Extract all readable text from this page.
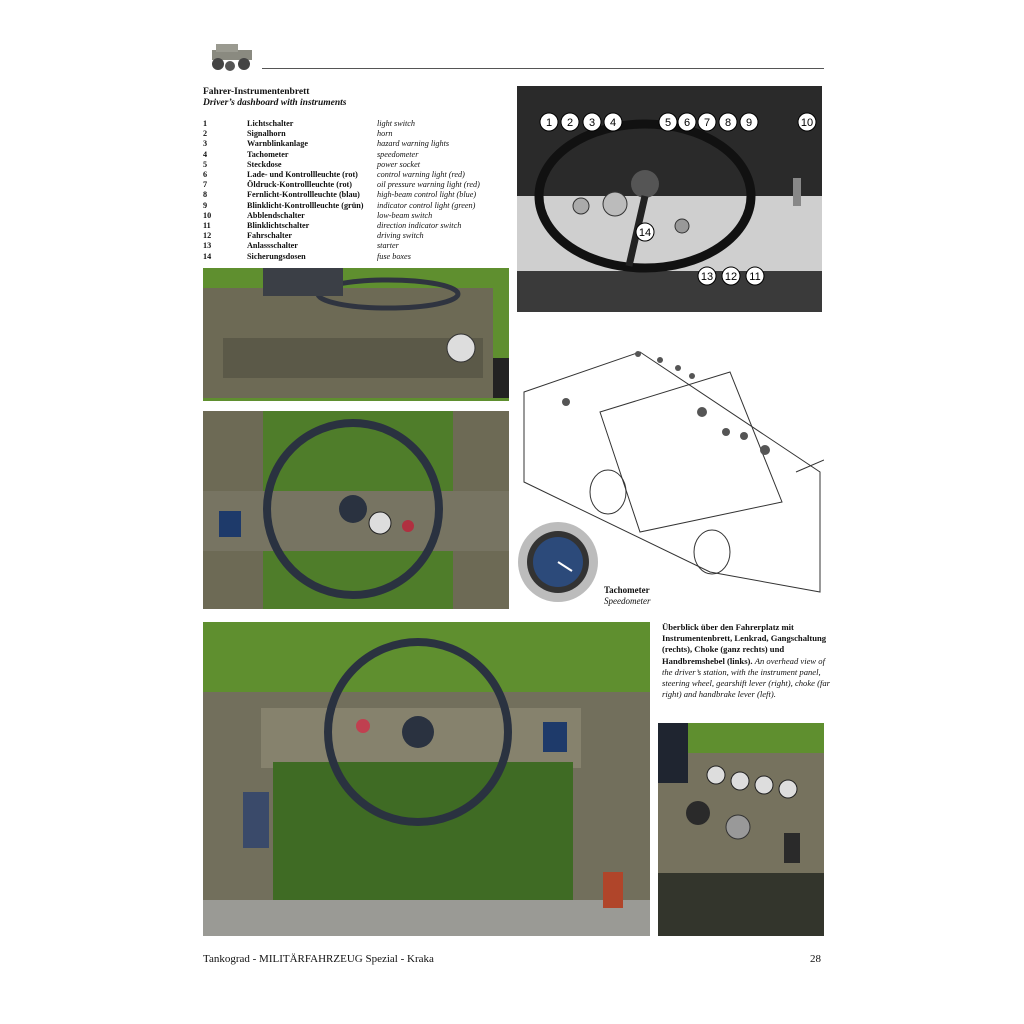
Fahrer-Instrumentenbrett
Driver’s dashboard with instruments
1	Lichtschalter	light switch
2	Signalhorn	horn
3	Warnblinkanlage	hazard warning lights
4	Tachometer	speedometer
5	Steckdose	power socket
6	Lade- und Kontrollleuchte (rot)	control warning light (red)
7	Öldruck-Kontrollleuchte (rot)	oil pressure warning light (red)
8	Fernlicht-Kontrollleuchte (blau)	high-beam control light (blue)
9	Blinklicht-Kontrollleuchte (grün)	indicator control light (green)
10	Abblendschalter	low-beam switch
11	Blinklichtschalter	direction indicator switch
12	Fahrschalter	driving switch
13	Anlassschalter	starter
14	Sicherungsdosen	fuse boxes
1 2 3 4	5 6 7 8 9	10
14
13 12 11
Tachometer
Speedometer
Überblick über den Fahrerplatz mit Instrumentenbrett, Lenkrad, Gangschaltung (rechts), Choke (ganz rechts) und Handbremshebel (links). An overhead view of the driver’s station, with the instrument panel, steering wheel, gearshift lever (right), choke (far right) and handbrake lever (left).
Tankograd - MILITÄRFAHRZEUG Spezial - Kraka	28
